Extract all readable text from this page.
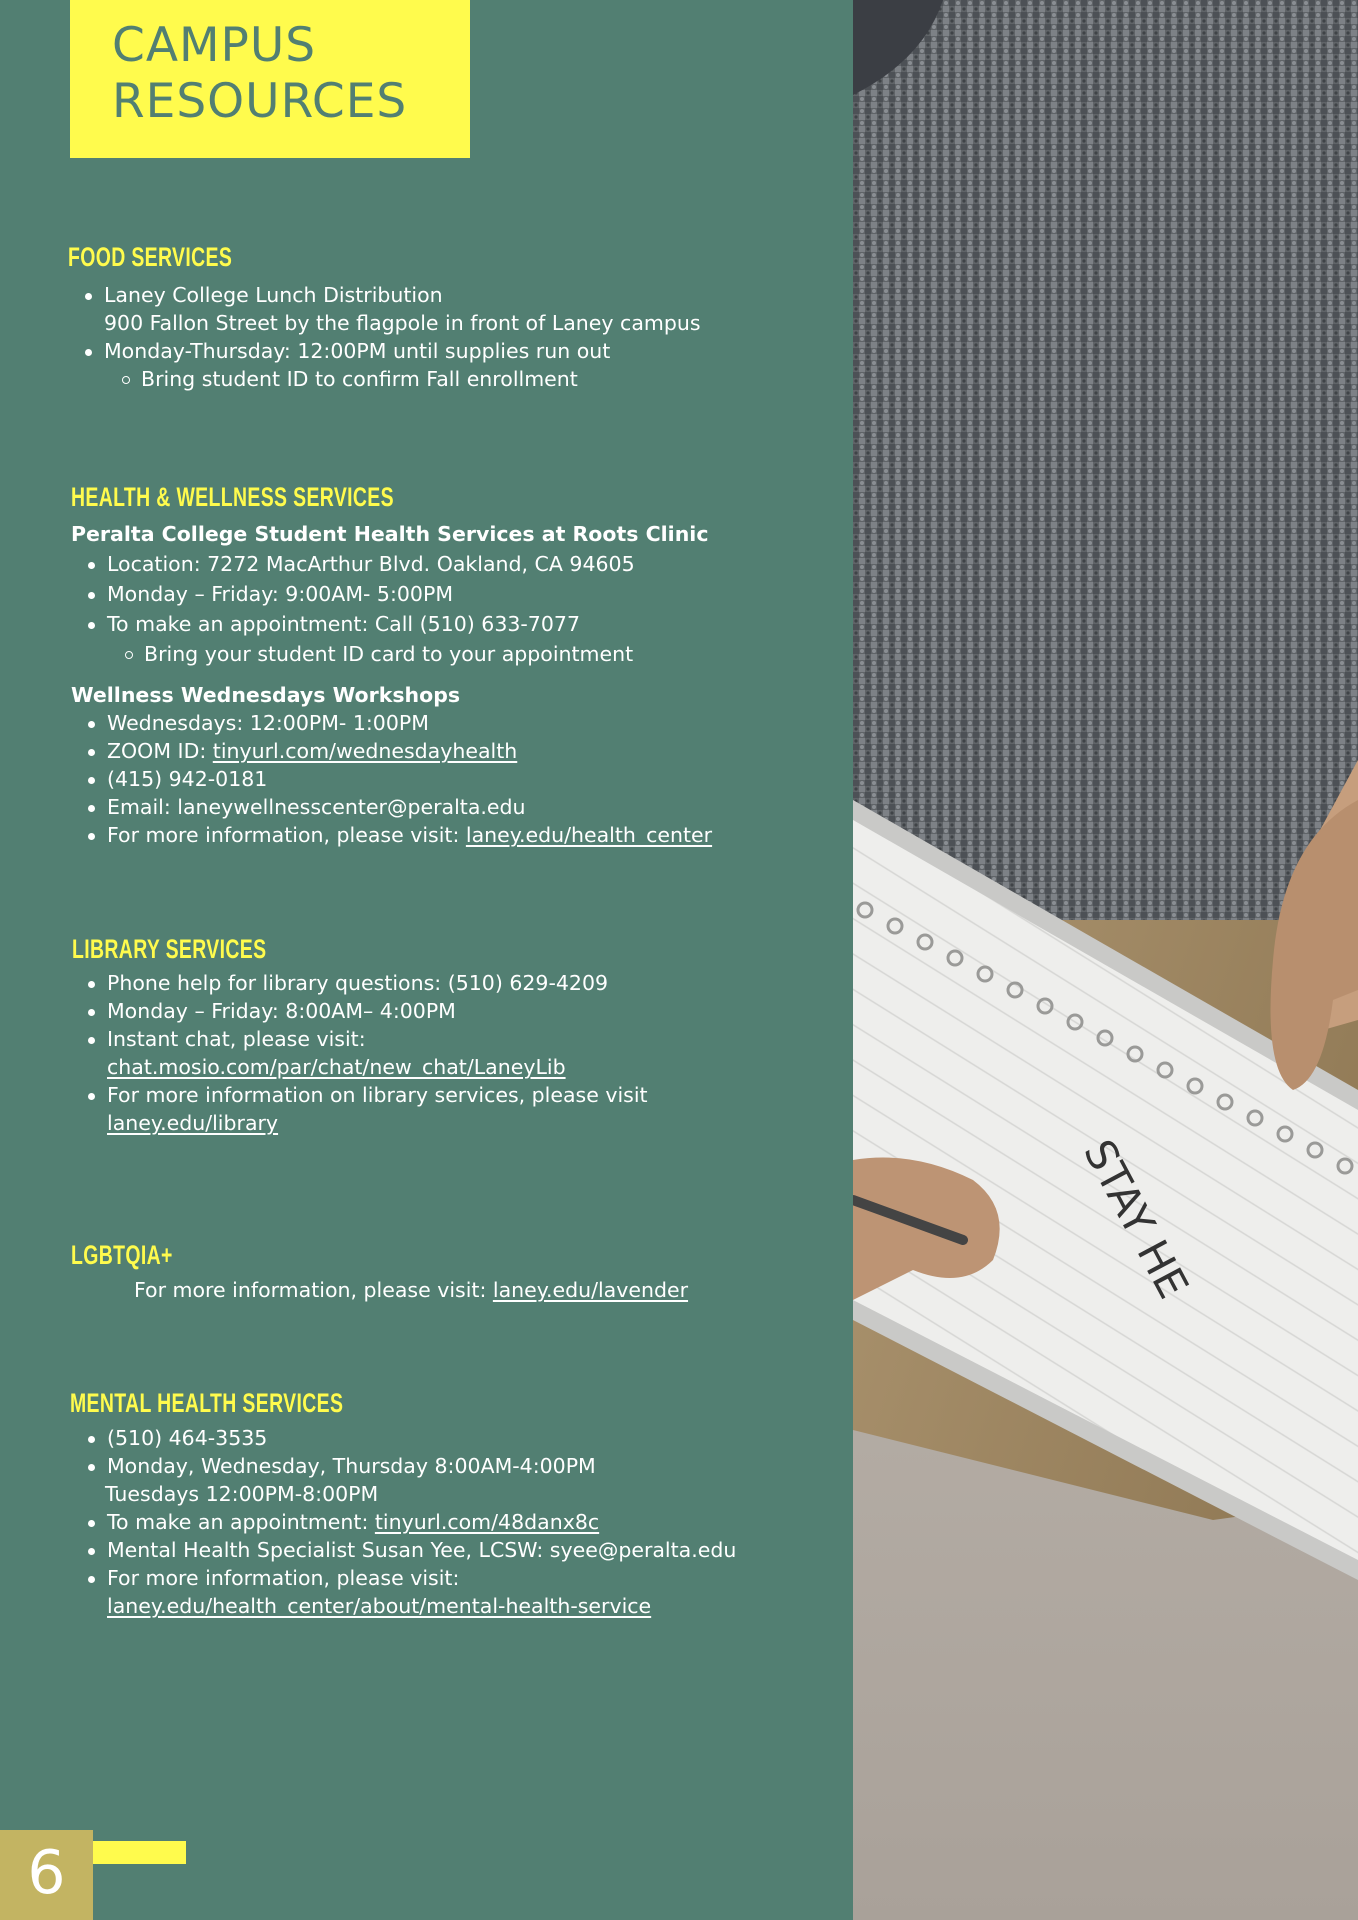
CAMPUS
RESOURCES
FOOD SERVICES
Laney College Lunch Distribution
900 Fallon Street by the flagpole in front of Laney campus
Monday-Thursday: 12:00PM until supplies run out
Bring student ID to confirm Fall enrollment
HEALTH & WELLNESS SERVICES
Peralta College Student Health Services at Roots Clinic
Location: 7272 MacArthur Blvd. Oakland, CA 94605
Monday – Friday: 9:00AM- 5:00PM
To make an appointment: Call (510) 633-7077
Bring your student ID card to your appointment
Wellness Wednesdays Workshops
Wednesdays: 12:00PM- 1:00PM
ZOOM ID: tinyurl.com/wednesdayhealth
(415) 942-0181
Email: laneywellnesscenter@peralta.edu
For more information, please visit: laney.edu/health_center
LIBRARY SERVICES
Phone help for library questions: (510) 629-4209
Monday – Friday: 8:00AM– 4:00PM
Instant chat, please visit:
chat.mosio.com/par/chat/new_chat/LaneyLib
For more information on library services, please visit
laney.edu/library
LGBTQIA+
For more information, please visit: laney.edu/lavender
MENTAL HEALTH SERVICES
(510) 464-3535
Monday, Wednesday, Thursday 8:00AM-4:00PM
Tuesdays 12:00PM-8:00PM
To make an appointment: tinyurl.com/48danx8c
Mental Health Specialist Susan Yee, LCSW: syee@peralta.edu
For more information, please visit:
laney.edu/health_center/about/mental-health-service
6
STAY HE
